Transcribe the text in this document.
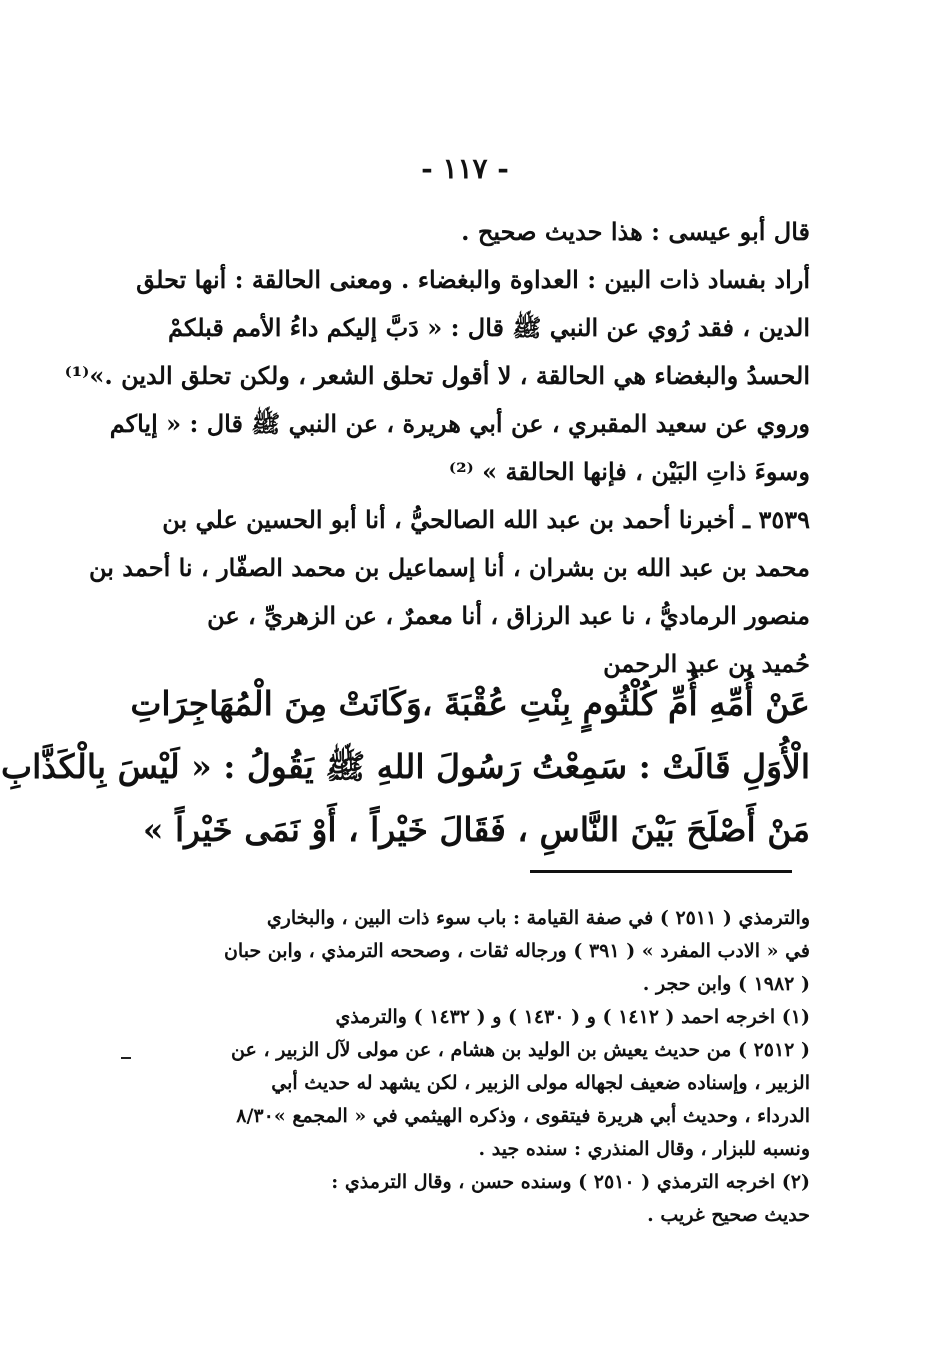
- ١١٧ -
قال أبو عيسى : هذا حديث صحيح .
أراد بفساد ذات البين : العداوة والبغضاء . ومعنى الحالقة : أنها تحلق
الدين ، فقد رُوي عن النبي ﷺ قال : « دَبَّ إليكم داءُ الأمم قبلكمْ
الحسدُ والبغضاء هي الحالقة ، لا أقول تحلق الشعر ، ولكن تحلق الدين .»⁽¹⁾
وروي عن سعيد المقبري ، عن أبي هريرة ، عن النبي ﷺ قال : « إياكم
وسوءَ ذاتِ البَيْن ، فإنها الحالقة » ⁽²⁾
٣٥٣٩ ـ أخبرنا أحمد بن عبد الله الصالحيُّ ، أنا أبو الحسين علي بن
محمد بن عبد الله بن بشران ، أنا إسماعيل بن محمد الصفّار ، نا أحمد بن
منصور الرماديُّ ، نا عبد الرزاق ، أنا معمرٌ ، عن الزهريِّ ، عن
حُميد بن عبد الرحمن
عَنْ أُمِّهِ أُمِّ كُلْثُومٍ بِنْتِ عُقْبَةَ ،وَكَانَتْ مِنَ الْمُهَاجِرَاتِ
الْأُوَلِ قَالَتْ : سَمِعْتُ رَسُولَ اللهِ ﷺ يَقُولُ : « لَيْسَ بِالْكَذَّابِ
مَنْ أَصْلَحَ بَيْنَ النَّاسِ ، فَقَالَ خَيْراً ، أَوْ نَمَى خَيْراً »
والترمذي ( ٢٥١١ ) في صفة القيامة : باب سوء ذات البين ، والبخاري
في « الادب المفرد » ( ٣٩١ ) ورجاله ثقات ، وصححه الترمذي ، وابن حبان
( ١٩٨٢ ) وابن حجر .
(١) اخرجه احمد ( ١٤١٢ ) و ( ١٤٣٠ ) و ( ١٤٣٢ ) والترمذي
( ٢٥١٢ ) من حديث يعيش بن الوليد بن هشام ، عن مولى لآل الزبير ، عن
الزبير ، وإسناده ضعيف لجهاله مولى الزبير ، لكن يشهد له حديث أبي
الدرداء ، وحديث أبي هريرة فيتقوى ، وذكره الهيثمي في « المجمع »٨/٣٠
ونسبه للبزار ، وقال المنذري : سنده جيد .
(٢) اخرجه الترمذي ( ٢٥١٠ ) وسنده حسن ، وقال الترمذي :
حديث صحيح غريب .
